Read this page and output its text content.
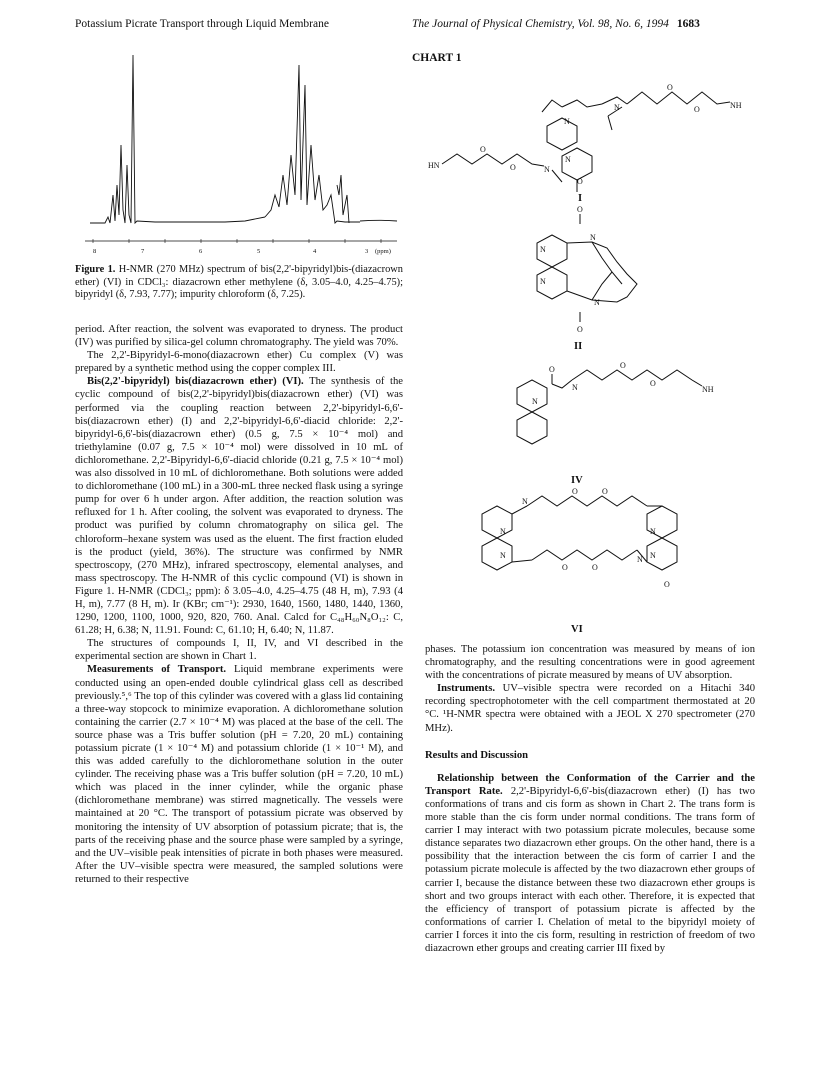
Potassium Picrate Transport through Liquid Membrane	The Journal of Physical Chemistry, Vol. 98, No. 6, 1994 1683
8	7	6	5	4	3 (ppm)
Figure 1. H-NMR (270 MHz) spectrum of bis(2,2'-bipyridyl)bis-(diazacrown ether) (VI) in CDCl₃: diazacrown ether methylene (δ, 3.05–4.0, 4.25–4.75); bipyridyl (δ, 7.93, 7.77); impurity chloroform (δ, 7.25).

period. After reaction, the solvent was evaporated to dryness. The product (IV) was purified by silica-gel column chromatography. The yield was 70%.

The 2,2'-Bipyridyl-6-mono(diazacrown ether) Cu complex (V) was prepared by a synthetic method using the copper complex III.

Bis(2,2'-bipyridyl) bis(diazacrown ether) (VI). The synthesis of the cyclic compound of bis(2,2'-bipyridyl)bis(diazacrown ether) (VI) was performed via the coupling reaction between 2,2'-bipyridyl-6,6'-bis(diazacrown ether) (I) and 2,2'-bipyridyl-6,6'-diacid chloride: 2,2'-bipyridyl-6,6'-bis(diazacrown ether) (0.5 g, 7.5 × 10⁻⁴ mol) and triethylamine (0.07 g, 7.5 × 10⁻⁴ mol) were dissolved in 10 mL of dichloromethane. 2,2'-Bipyridyl-6,6'-diacid chloride (0.21 g, 7.5 × 10⁻⁴ mol) was also dissolved in 10 mL of dichloromethane. Both solutions were added to dichloromethane (100 mL) in a 300-mL three necked flask using a syringe pump for over 6 h under argon. After addition, the reaction solution was refluxed for 1 h. After cooling, the solvent was evaporated to dryness. The product was purified by column chromatography on silica gel. The chloroform–hexane system was used as the eluent. The first fraction eluded is the product (yield, 36%). The structure was confirmed by NMR spectroscopy, (270 MHz), infrared spectroscopy, elemental analyses, and mass spectroscopy. The H-NMR of this cyclic compound (VI) is shown in Figure 1. H-NMR (CDCl₃; ppm): δ 3.05–4.0, 4.25–4.75 (48 H, m), 7.93 (4 H, m), 7.77 (8 H, m). Ir (KBr; cm⁻¹): 2930, 1640, 1560, 1480, 1440, 1360, 1290, 1200, 1100, 1000, 920, 820, 760. Anal. Calcd for C₄₈H₆₀N₈O₁₂: C, 61.28; H, 6.38; N, 11.91. Found: C, 61.10; H, 6.40; N, 11.87.

The structures of compounds I, II, IV, and VI described in the experimental section are shown in Chart 1.

Measurements of Transport. Liquid membrane experiments were conducted using an open-ended double cylindrical glass cell as described previously.⁵,⁶ The top of this cylinder was covered with a glass lid containing a three-way stopcock to minimize evaporation. A dichloromethane solution containing the carrier (2.7 × 10⁻⁴ M) was placed at the base of the cell. The source phase was a Tris buffer solution (pH = 7.20, 20 mL) containing potassium picrate (1 × 10⁻⁴ M) and potassium chloride (1 × 10⁻¹ M), and this was added carefully to the dichloromethane solution in the outer cylinder. The receiving phase was a Tris buffer solution (pH = 7.20, 10 mL) which was placed in the inner cylinder, while the organic phase (dichloromethane membrane) was stirred magnetically. The vessels were maintained at 20 °C. The transport of potassium picrate was observed by monitoring the intensity of UV absorption of potassium picrate; that is, the parts of the receiving phase and the source phase were sampled by a syringe, and the UV–visible peak intensities of picrate in both phases were measured. After the UV–visible spectra were measured, the sampled solutions were returned to their respective

CHART 1
N
O
O	NH
N
N
HN
O
O	N
O
O
N
N
N
N
O
O
N
O
O
NH
N
N
O	O
N
N
N
N
O	O
N
O
I
II
IV
VI

phases. The potassium ion concentration was measured by means of ion chromatography, and the resulting concentrations were in good agreement with the concentrations of picrate measured by means of UV absorption.

Instruments. UV–visible spectra were recorded on a Hitachi 340 recording spectrophotometer with the cell compartment thermostated at 20 °C. ¹H-NMR spectra were obtained with a JEOL X 270 spectrometer (270 MHz).

Results and Discussion

Relationship between the Conformation of the Carrier and the Transport Rate. 2,2'-Bipyridyl-6,6'-bis(diazacrown ether) (I) has two conformations of trans and cis form as shown in Chart 2. The trans form is more stable than the cis form under normal conditions. The trans form of carrier I may interact with two potassium picrate molecules, because some distance separates two diazacrown ether groups. On the other hand, there is a possibility that the interaction between the cis form of carrier I and the potassium picrate molecule is affected by the two diazacrown ether groups of carrier I, because the distance between these two diazacrown ether groups is short and two groups interact with each other. Therefore, it is expected that the efficiency of transport of potassium picrate is affected by the conformations of carrier I. Chelation of metal to the bipyridyl moiety of carrier I forces it into the cis form, resulting in restriction of freedom of two diazacrown ether groups and creating carrier III fixed by
